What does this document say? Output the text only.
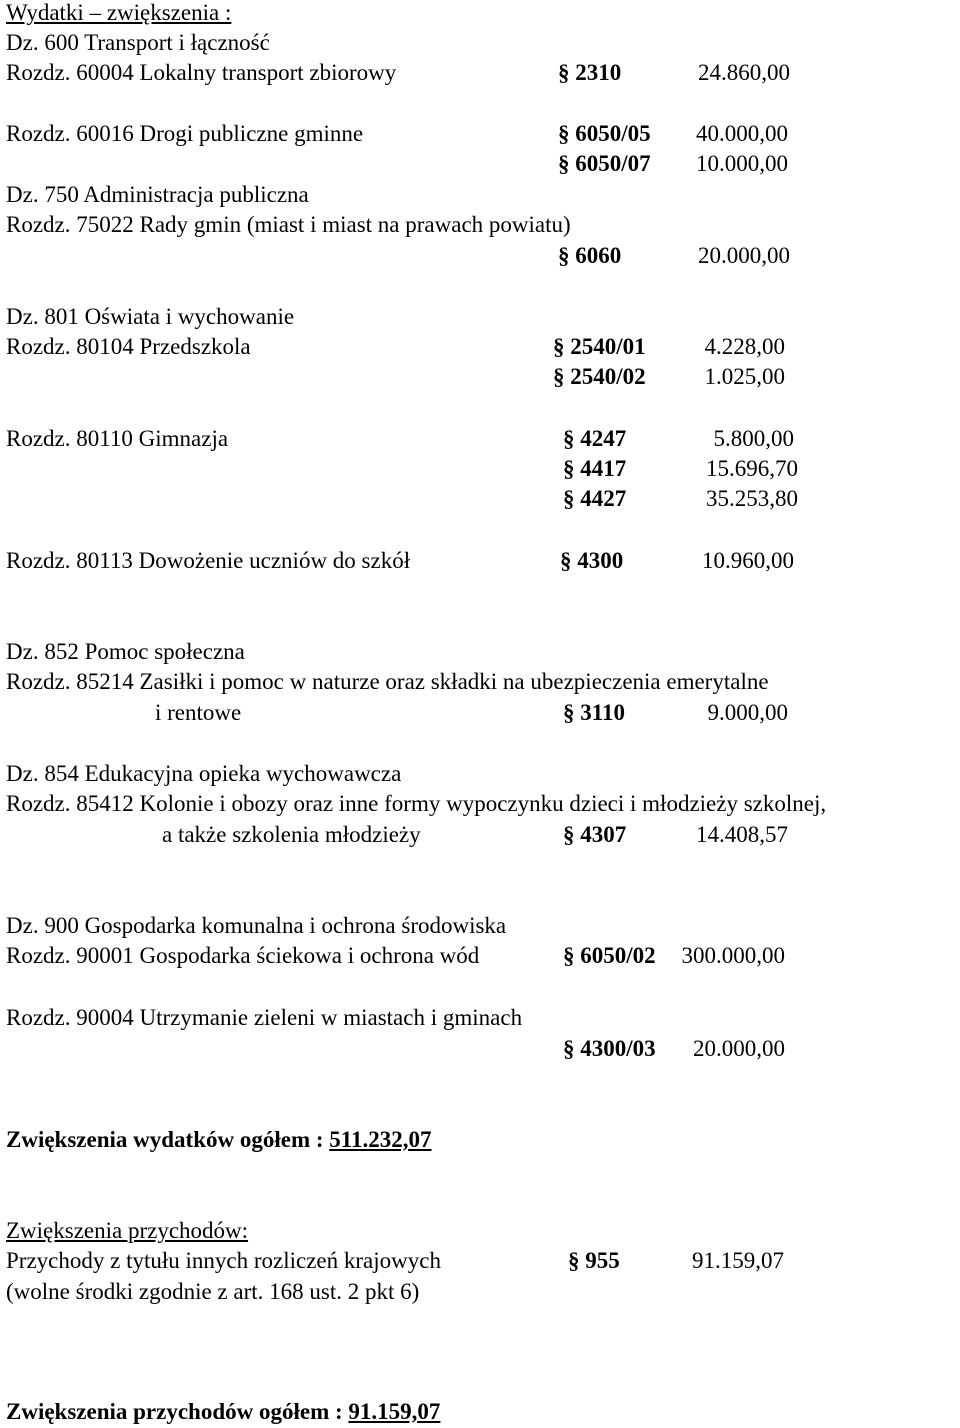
Wydatki – zwiększenia :
Dz. 600 Transport i łączność
Rozdz. 60004 Lokalny transport zbiorowy	§ 2310	24.860,00
Rozdz. 60016 Drogi publiczne gminne	§ 6050/05 40.000,00
§ 6050/07 10.000,00
Dz. 750 Administracja publiczna
Rozdz. 75022 Rady gmin (miast i miast na prawach powiatu)
§ 6060	20.000,00
Dz. 801 Oświata i wychowanie
Rozdz. 80104 Przedszkola	§ 2540/01	4.228,00
§ 2540/02	1.025,00
Rozdz. 80110 Gimnazja	§ 4247	5.800,00
§ 4417	15.696,70
§ 4427	35.253,80
Rozdz. 80113 Dowożenie uczniów do szkół	§ 4300	10.960,00
Dz. 852 Pomoc społeczna
Rozdz. 85214 Zasiłki i pomoc w naturze oraz składki na ubezpieczenia emerytalne
i rentowe	§ 3110	9.000,00
Dz. 854 Edukacyjna opieka wychowawcza
Rozdz. 85412 Kolonie i obozy oraz inne formy wypoczynku dzieci i młodzieży szkolnej,
a także szkolenia młodzieży	§ 4307	14.408,57
Dz. 900 Gospodarka komunalna i ochrona środowiska
Rozdz. 90001 Gospodarka ściekowa i ochrona wód	§ 6050/02 300.000,00
Rozdz. 90004 Utrzymanie zieleni w miastach i gminach
§ 4300/03 20.000,00
Zwiększenia wydatków ogółem : 511.232,07
Zwiększenia przychodów:
Przychody z tytułu innych rozliczeń krajowych	§ 955	91.159,07
(wolne środki zgodnie z art. 168 ust. 2 pkt 6)
Zwiększenia przychodów ogółem : 91.159,07
